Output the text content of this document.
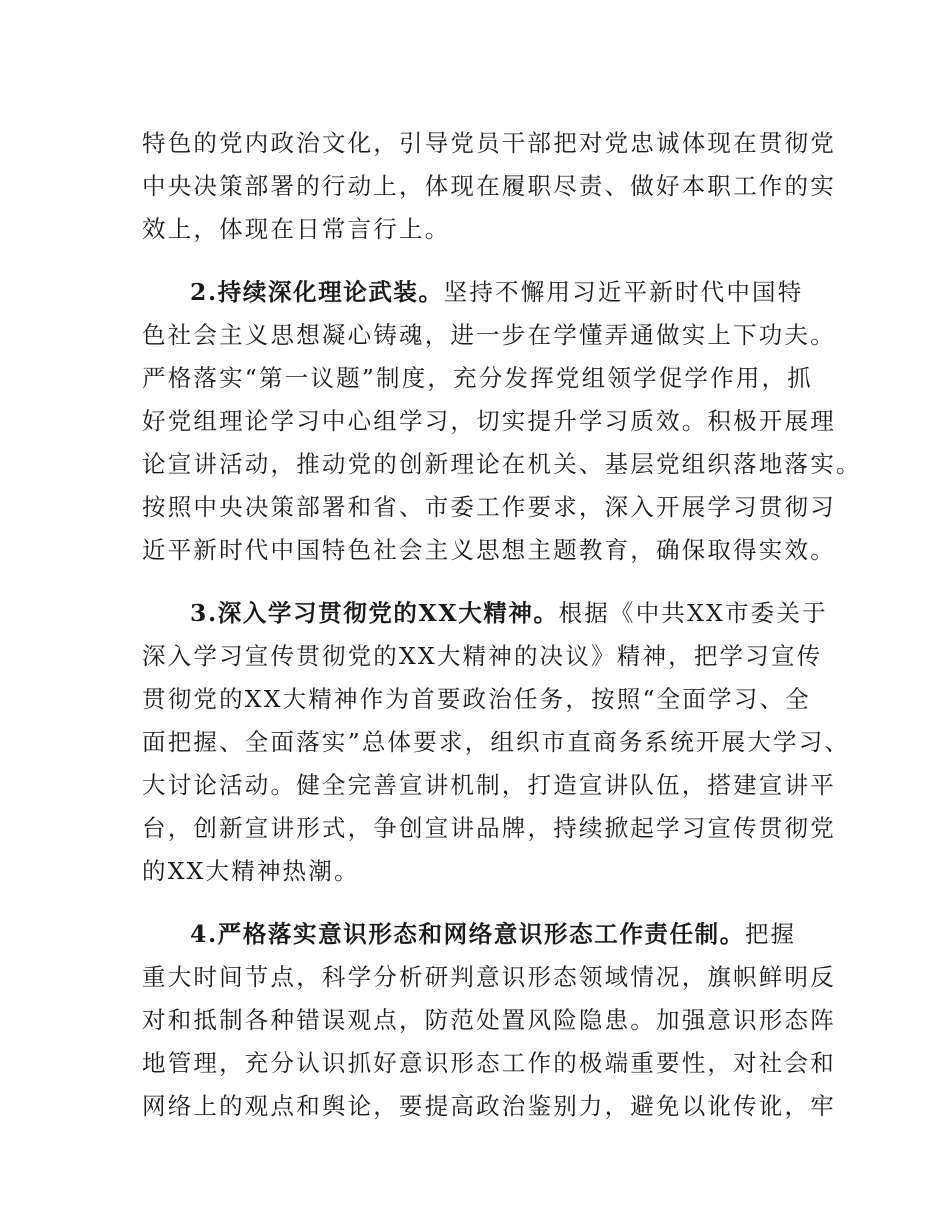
特色的党内政治文化，引导党员干部把对党忠诚体现在贯彻党

中央决策部署的行动上，体现在履职尽责、做好本职工作的实

效上，体现在日常言行上。

2.持续深化理论武装。坚持不懈用习近平新时代中国特

色社会主义思想凝心铸魂，进一步在学懂弄通做实上下功夫。

严格落实“第一议题”制度，充分发挥党组领学促学作用，抓

好党组理论学习中心组学习，切实提升学习质效。积极开展理

论宣讲活动，推动党的创新理论在机关、基层党组织落地落实。

按照中央决策部署和省、市委工作要求，深入开展学习贯彻习

近平新时代中国特色社会主义思想主题教育，确保取得实效。

3.深入学习贯彻党的XX大精神。根据《中共XX市委关于

深入学习宣传贯彻党的XX大精神的决议》精神，把学习宣传

贯彻党的XX大精神作为首要政治任务，按照“全面学习、全

面把握、全面落实”总体要求，组织市直商务系统开展大学习、

大讨论活动。健全完善宣讲机制，打造宣讲队伍，搭建宣讲平

台，创新宣讲形式，争创宣讲品牌，持续掀起学习宣传贯彻党

的XX大精神热潮。

4.严格落实意识形态和网络意识形态工作责任制。把握

重大时间节点，科学分析研判意识形态领域情况，旗帜鲜明反

对和抵制各种错误观点，防范处置风险隐患。加强意识形态阵

地管理，充分认识抓好意识形态工作的极端重要性，对社会和

网络上的观点和舆论，要提高政治鉴别力，避免以讹传讹，牢
